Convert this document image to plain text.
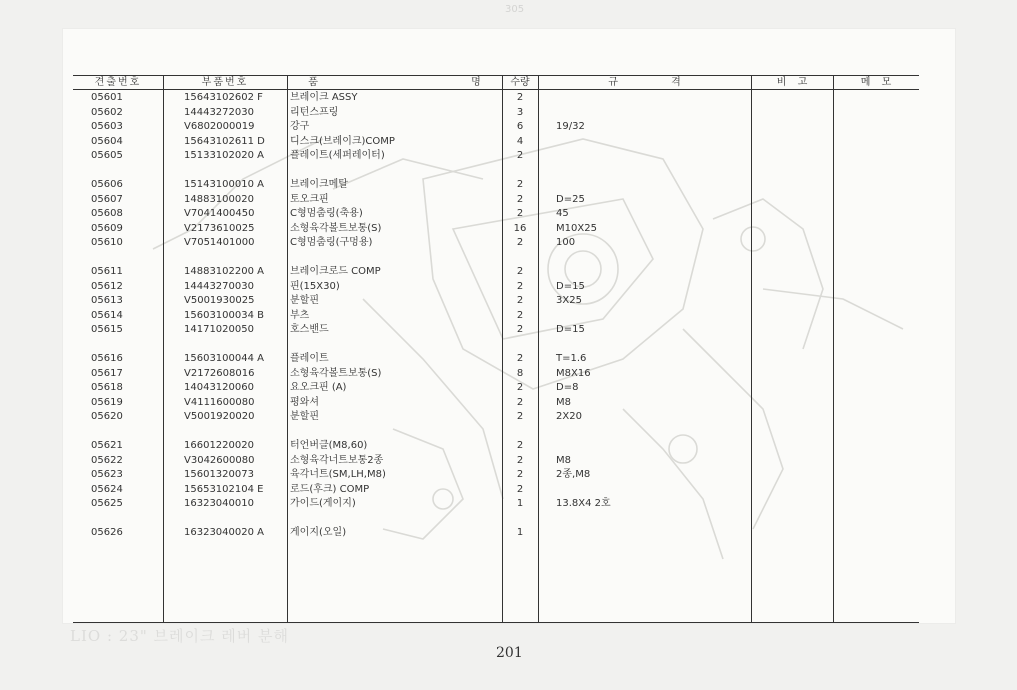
305
견출번호	부품번호	품 명	수량	규 격	비 고	메 모
05601	15643102602 F	브레이크 ASSY	2
05602	14443272030	리턴스프링	3
05603	V6802000019	강구	6	19/32
05604	15643102611 D	디스크(브레이크)COMP	4
05605	15133102020 A	플레이트(세퍼레이터)	2
05606	15143100010 A	브레이크메탈	2
05607	14883100020	토오크핀	2	D=25
05608	V7041400450	C형멈춤링(축용)	2	45
05609	V2173610025	소형육각볼트보통(S)	16	M10X25
05610	V7051401000	C형멈춤링(구멍용)	2	100
05611	14883102200 A	브레이크로드 COMP	2
05612	14443270030	핀(15X30)	2	D=15
05613	V5001930025	분할핀	2	3X25
05614	15603100034 B	부츠	2
05615	14171020050	호스밴드	2	D=15
05616	15603100044 A	플레이트	2	T=1.6
05617	V2172608016	소형육각볼트보통(S)	8	M8X16
05618	14043120060	요오크핀 (A)	2	D=8
05619	V4111600080	평와셔	2	M8
05620	V5001920020	분할핀	2	2X20
05621	16601220020	터언버클(M8,60)	2
05622	V3042600080	소형육각너트보통2종	2	M8
05623	15601320073	육각너트(SM,LH,M8)	2	2종,M8
05624	15653102104 E	로드(후크) COMP	2
05625	16323040010	가이드(게이지)	1	13.8X4 2호
05626	16323040020 A	게이지(오일)	1
LIO : 23" 브레이크 레버 분해
201
